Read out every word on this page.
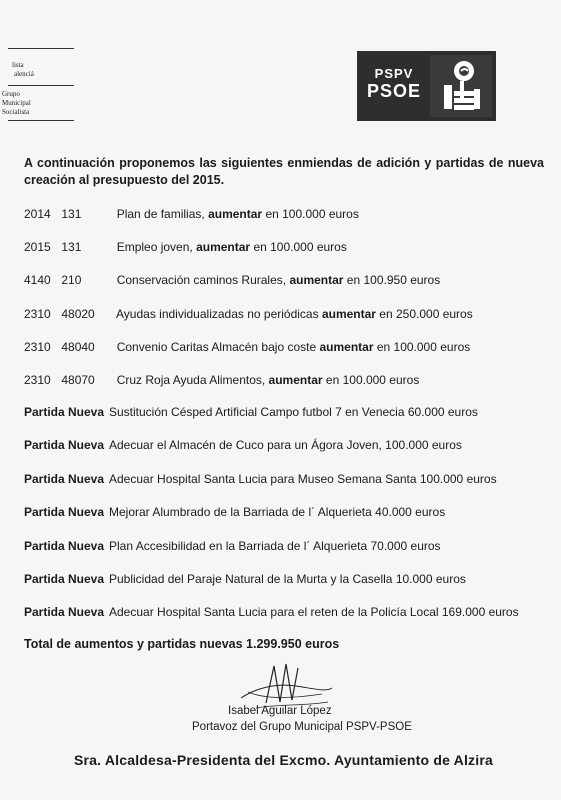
lista
alenciá
Grupo
Municipal
Socialista
PSPV
PSOE
A continuación proponemos las siguientes enmiendas de adición y partidas de nueva creación al presupuesto del 2015.
2014 131	Plan de familias, aumentar en 100.000 euros
2015 131	Empleo joven, aumentar en 100.000 euros
4140 210	Conservación caminos Rurales, aumentar en 100.950 euros
2310 48020 Ayudas individualizadas no periódicas aumentar en 250.000 euros
2310 48040 Convenio Caritas Almacén bajo coste aumentar en 100.000 euros
2310 48070 Cruz Roja Ayuda Alimentos, aumentar en 100.000 euros
Partida Nueva Sustitución Césped Artificial Campo futbol 7 en Venecia 60.000 euros
Partida Nueva Adecuar el Almacén de Cuco para un Ágora Joven, 100.000 euros
Partida Nueva Adecuar Hospital Santa Lucia para Museo Semana Santa 100.000 euros
Partida Nueva Mejorar Alumbrado de la Barriada de l´ Alquerieta 40.000 euros
Partida Nueva Plan Accesibilidad en la Barriada de l´ Alquerieta 70.000 euros
Partida Nueva Publicidad del Paraje Natural de la Murta y la Casella 10.000 euros
Partida Nueva Adecuar Hospital Santa Lucia para el reten de la Policía Local 169.000 euros
Total de aumentos y partidas nuevas 1.299.950 euros
Isabel Aguilar López
Portavoz del Grupo Municipal PSPV-PSOE
Sra. Alcaldesa-Presidenta del Excmo. Ayuntamiento de Alzira
